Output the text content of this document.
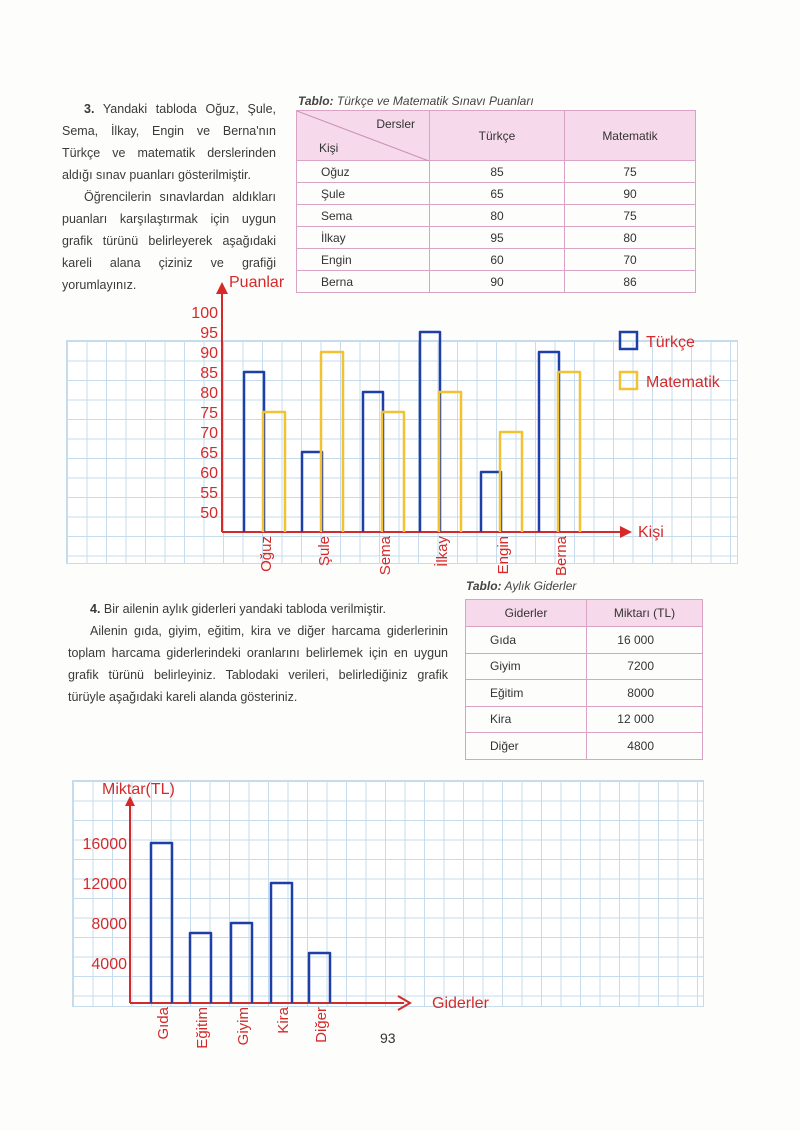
3. Yandaki tabloda Oğuz, Şule, Sema, İlkay, Engin ve Berna'nın Türkçe ve matematik derslerinden aldığı sınav puanları gösterilmiştir.

Öğrencilerin sınavlardan aldıkları puanları karşılaştırmak için uygun grafik türünü belirleyerek aşağıdaki kareli alana çiziniz ve grafiği yorumlayınız.

Tablo: Türkçe ve Matematik Sınavı Puanları
Dersler
Kişi	Türkçe	Matematik
Oğuz	85	75
Şule	65	90
Sema	80	75
İlkay	95	80
Engin	60	70
Berna	90	86
Puanlar
Kişi
100
95
90
85
80
75
70
65
60
55
50
Oğuz	Şule	Sema	İlkay	Engin	Berna
Türkçe
Matematik

4. Bir ailenin aylık giderleri yandaki tabloda verilmiştir.

Ailenin gıda, giyim, eğitim, kira ve diğer harcama giderlerinin toplam harcama giderlerindeki oranlarını belirlemek için en uygun grafik türünü belirleyiniz. Tablodaki verileri, belirlediğiniz grafik türüyle aşağıdaki kareli alanda gösteriniz.

Tablo: Aylık Giderler
Giderler	Miktarı (TL)
Gıda	16 000
Giyim	7200
Eğitim	8000
Kira	12 000
Diğer	4800
Miktar(TL)
Giderler
16000
12000
8000
4000
Gıda Eğitim Giyim Kira Diğer	93
